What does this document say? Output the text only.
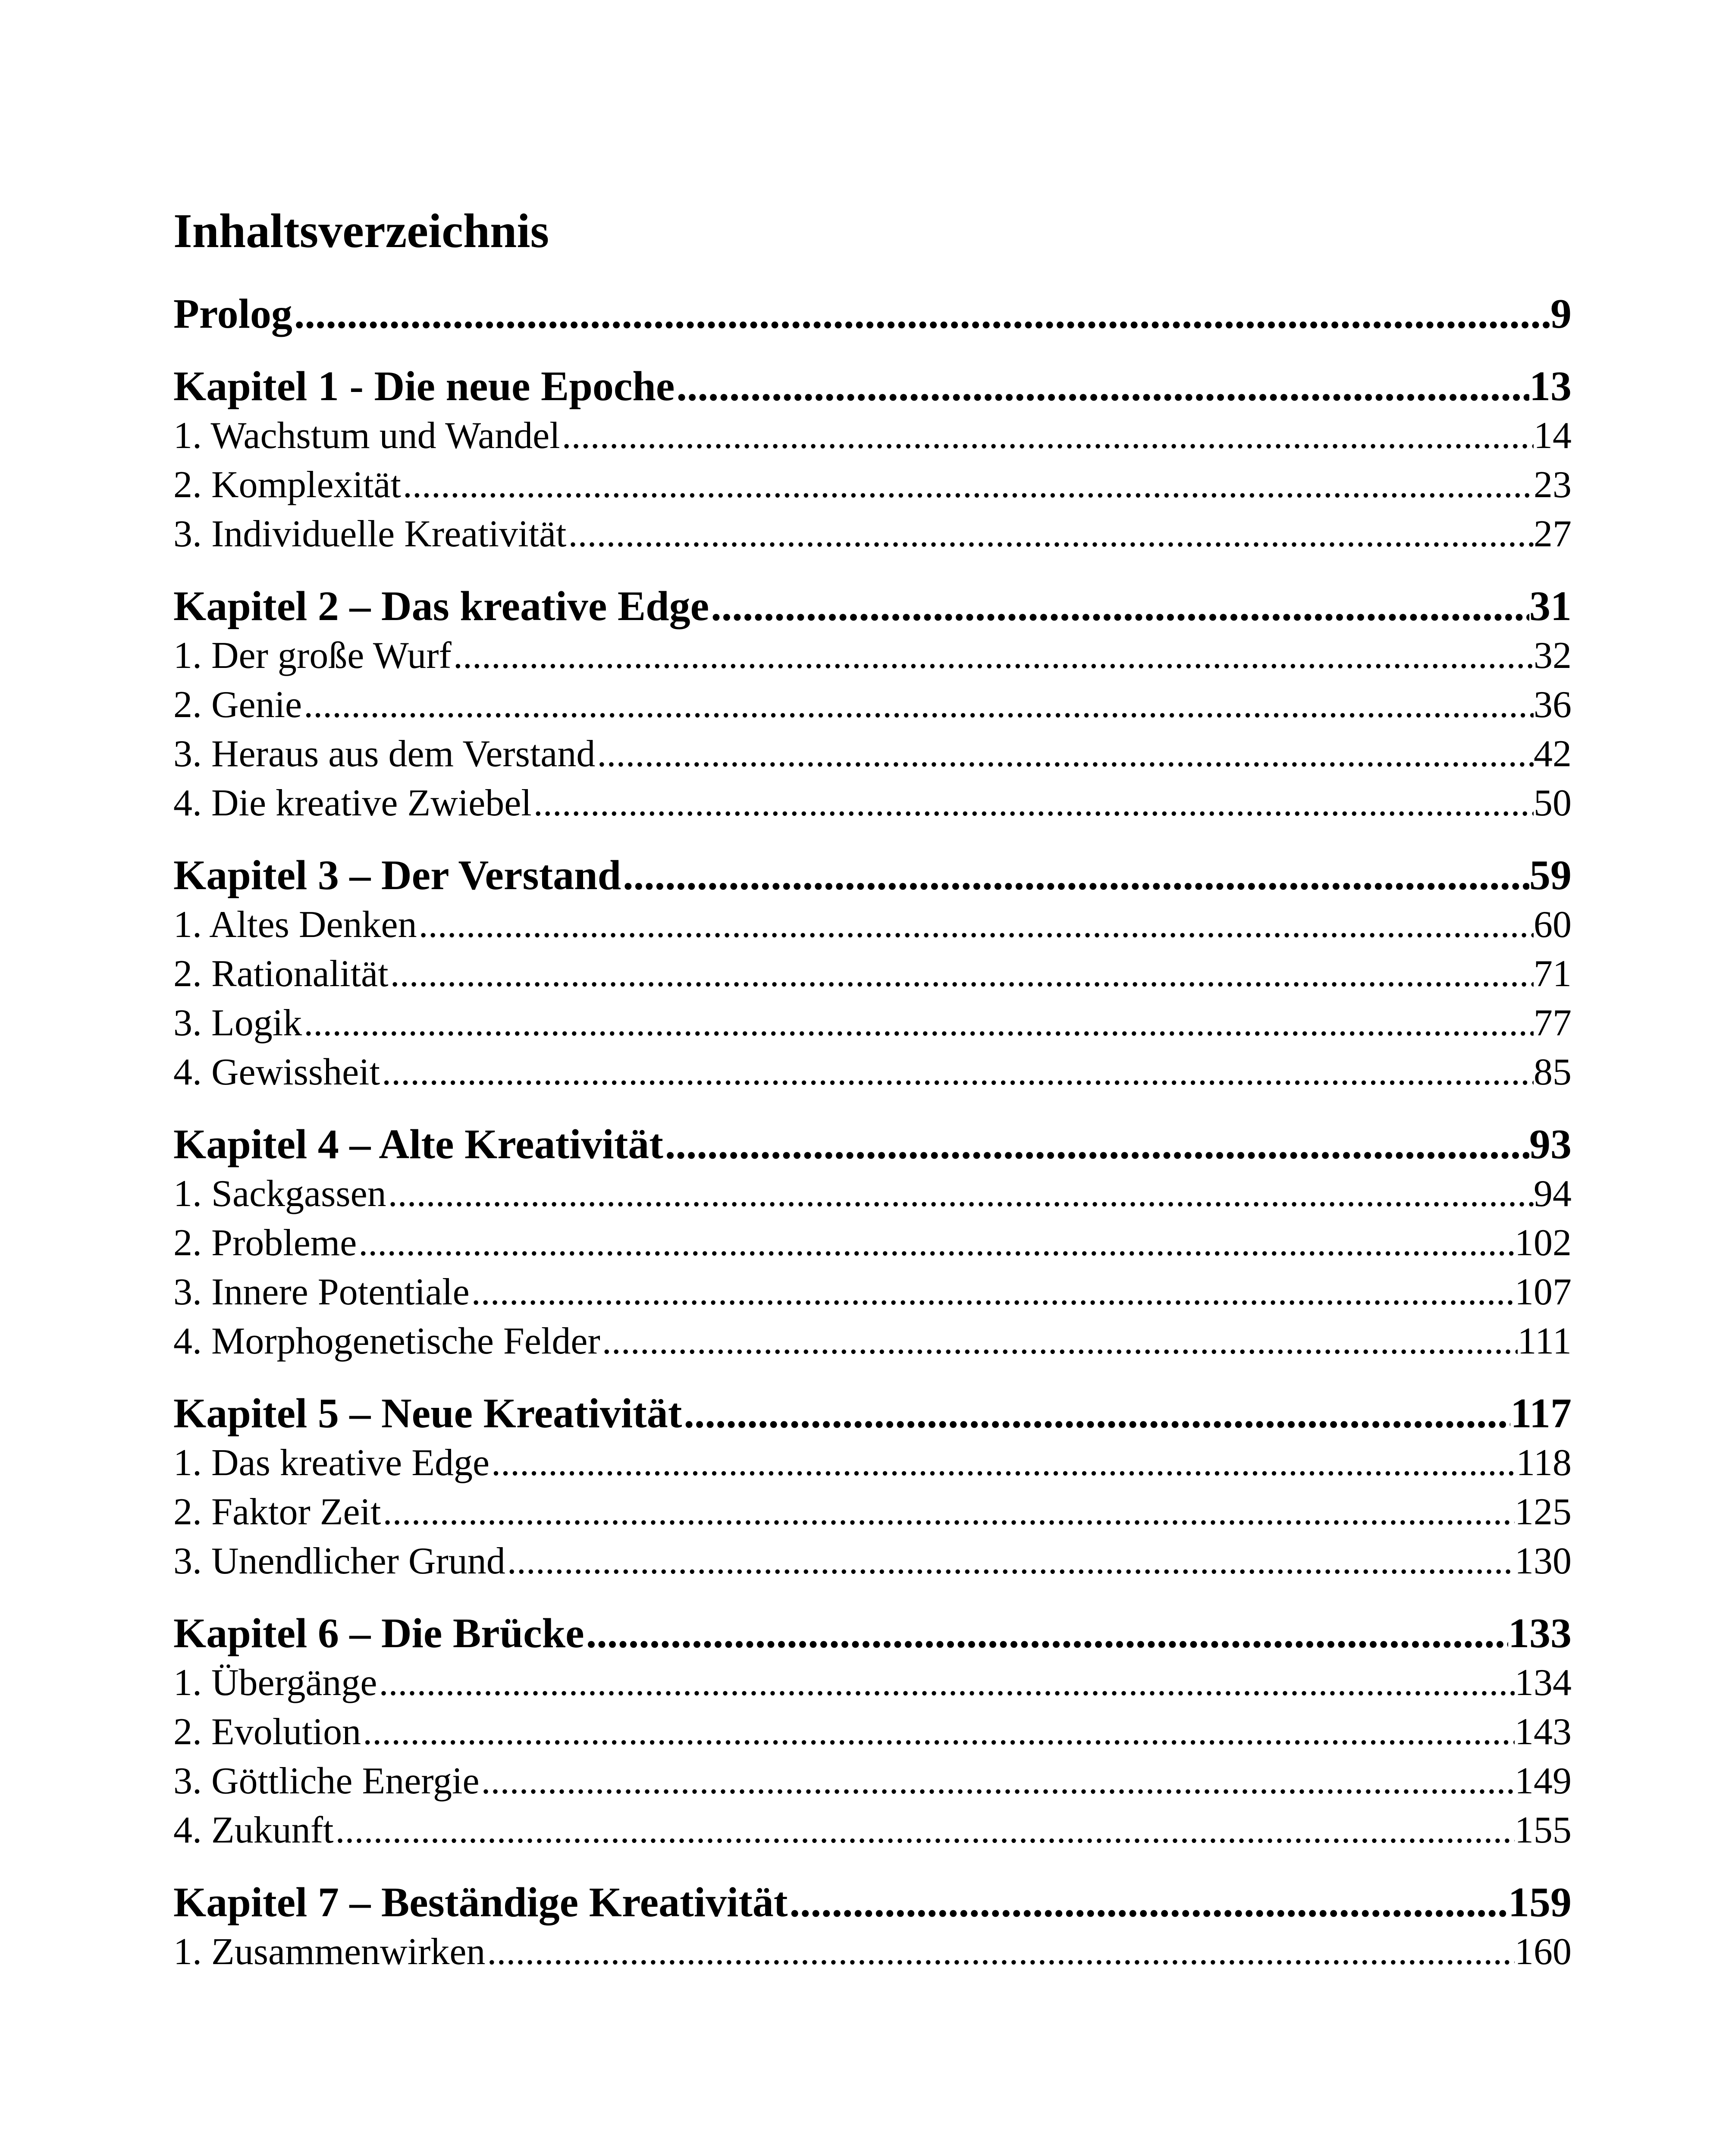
Inhaltsverzeichnis
Prolog .....	9
Kapitel 1 - Die neue Epoche .....	13
1. Wachstum und Wandel .....	14
2. Komplexität .....	23
3. Individuelle Kreativität .....	27
Kapitel 2 – Das kreative Edge .....	31
1. Der große Wurf .....	32
2. Genie .....	36
3. Heraus aus dem Verstand .....	42
4. Die kreative Zwiebel .....	50
Kapitel 3 – Der Verstand .....	59
1. Altes Denken .....	60
2. Rationalität .....	71
3. Logik .....	77
4. Gewissheit .....	85
Kapitel 4 – Alte Kreativität .....	93
1. Sackgassen .....	94
2. Probleme .....	102
3. Innere Potentiale .....	107
4. Morphogenetische Felder .....	111
Kapitel 5 – Neue Kreativität .....	117
1. Das kreative Edge .....	118
2. Faktor Zeit .....	125
3. Unendlicher Grund .....	130
Kapitel 6 – Die Brücke .....	133
1. Übergänge .....	134
2. Evolution .....	143
3. Göttliche Energie .....	149
4. Zukunft .....	155
Kapitel 7 – Beständige Kreativität .....	159
1. Zusammenwirken .....	160
